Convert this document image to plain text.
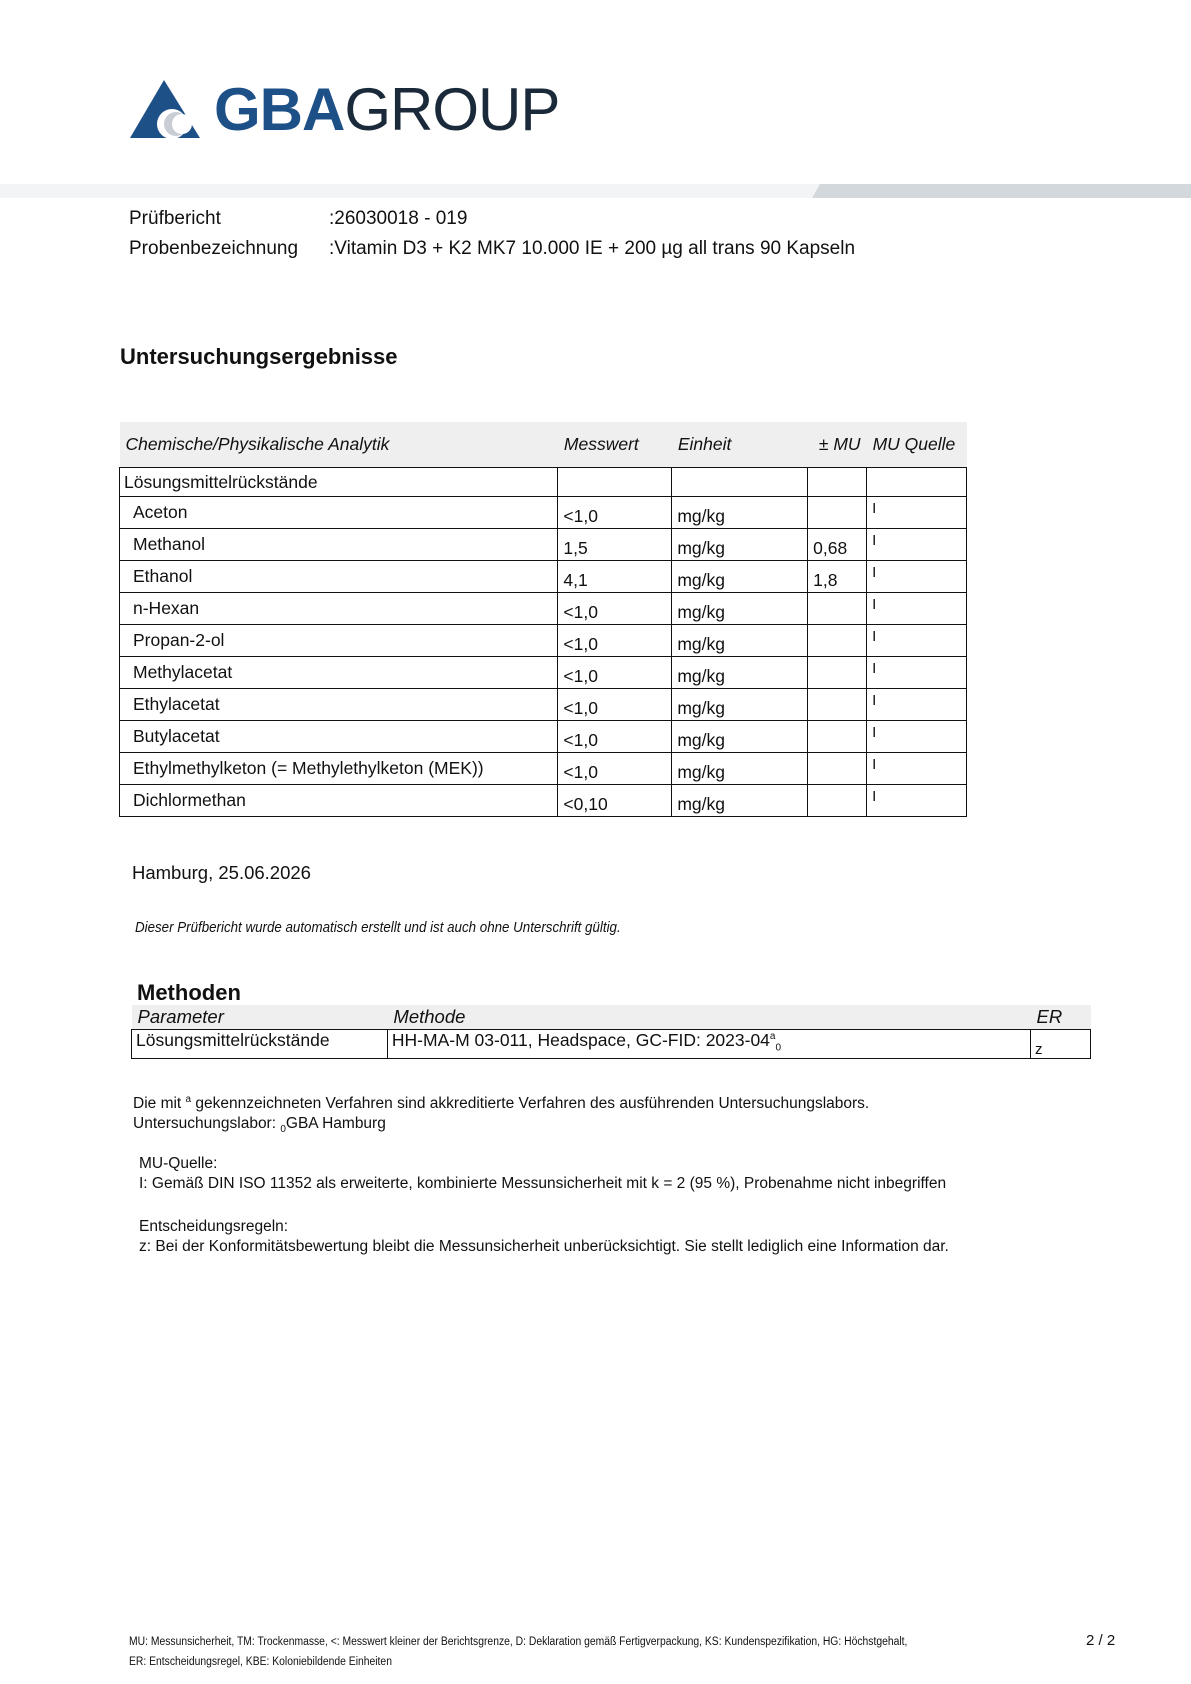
GBAGROUP
Prüfbericht	:26030018 - 019
Probenbezeichnung :Vitamin D3 + K2 MK7 10.000 IE + 200 µg all trans 90 Kapseln
Untersuchungsergebnisse
Chemische/Physikalische Analytik	Messwert	Einheit	± MU	MU Quelle
Lösungsmittelrückstände				
Aceton	<1,0	mg/kg		I
Methanol	1,5	mg/kg	0,68	I
Ethanol	4,1	mg/kg	1,8	I
n-Hexan	<1,0	mg/kg		I
Propan-2-ol	<1,0	mg/kg		I
Methylacetat	<1,0	mg/kg		I
Ethylacetat	<1,0	mg/kg		I
Butylacetat	<1,0	mg/kg		I
Ethylmethylketon (= Methylethylketon (MEK))	<1,0	mg/kg		I
Dichlormethan	<0,10	mg/kg		I
Hamburg, 25.06.2026
Dieser Prüfbericht wurde automatisch erstellt und ist auch ohne Unterschrift gültig.
Methoden
Parameter	Methode	ER
Lösungsmittelrückstände	HH-MA-M 03-011, Headspace, GC-FID: $2023-04^a_0$	z
Die mit $^a$ gekennzeichneten Verfahren sind akkreditierte Verfahren des ausführenden Untersuchungslabors.
Untersuchungslabor: $_0$GBA Hamburg
MU-Quelle:
I: Gemäß DIN ISO 11352 als erweiterte, kombinierte Messunsicherheit mit k = 2 (95 %), Probenahme nicht inbegriffen
Entscheidungsregeln:
z: Bei der Konformitätsbewertung bleibt die Messunsicherheit unberücksichtigt. Sie stellt lediglich eine Information dar.
MU: Messunsicherheit, TM: Trockenmasse, <: Messwert kleiner der Berichtsgrenze, D: Deklaration gemäß Fertigverpackung, KS: Kundenspezifikation, HG: Höchstgehalt,
ER: Entscheidungsregel, KBE: Koloniebildende Einheiten
2 / 2
